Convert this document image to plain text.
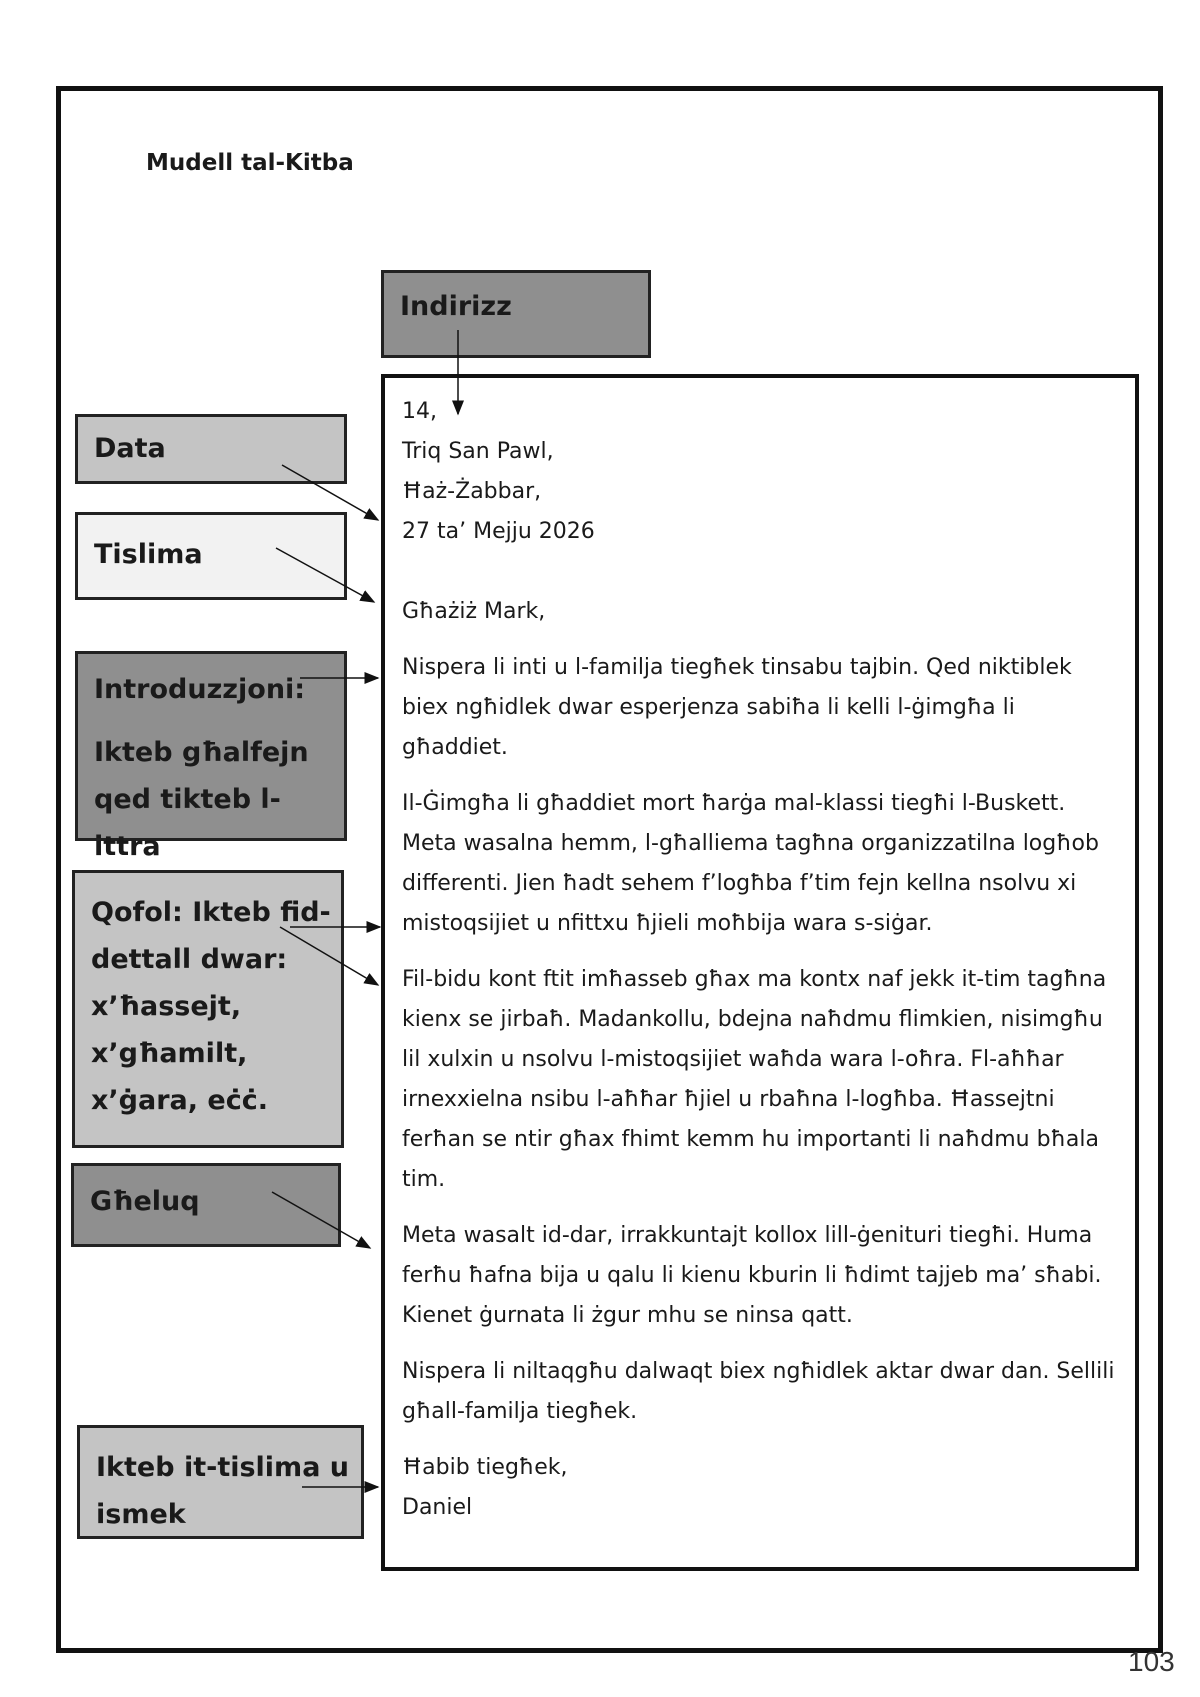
Mudell tal-Kitba
Indirizz
Data
Tislima
Introduzzjoni:
Ikteb għalfejn qed tikteb l-ittra
Qofol: Ikteb fid-dettall dwar:
x’ħassejt,
x’għamilt,
x’ġara, eċċ.
Għeluq
Ikteb it-tislima u ismek
14,
Triq San Pawl,
Ħaż-Żabbar,
27 ta’ Mejju 2026

Għażiż Mark,

Nispera li inti u l-familja tiegħek tinsabu tajbin. Qed niktiblek biex ngħidlek dwar esperjenza sabiħa li kelli l-ġimgħa li għaddiet.

Il-Ġimgħa li għaddiet mort ħarġa mal-klassi tiegħi l-Buskett. Meta wasalna hemm, l-għalliema tagħna organizzatilna logħob differenti. Jien ħadt sehem f’logħba f’tim fejn kellna nsolvu xi mistoqsijiet u nfittxu ħjieli moħbija wara s-siġar.

Fil-bidu kont ftit imħasseb għax ma kontx naf jekk it-tim tagħna kienx se jirbaħ. Madankollu, bdejna naħdmu flimkien, nisimgħu lil xulxin u nsolvu l-mistoqsijiet waħda wara l-oħra. Fl-aħħar irnexxielna nsibu l-aħħar ħjiel u rbaħna l-logħba. Ħassejtni ferħan se ntir għax fhimt kemm hu importanti li naħdmu bħala tim.

Meta wasalt id-dar, irrakkuntajt kollox lill-ġenituri tiegħi. Huma ferħu ħafna bija u qalu li kienu kburin li ħdimt tajjeb ma’ sħabi. Kienet ġurnata li żgur mhu se ninsa qatt.

Nispera li niltaqgħu dalwaqt biex ngħidlek aktar dwar dan. Sellili għall-familja tiegħek.

Ħabib tiegħek,
Daniel
103
